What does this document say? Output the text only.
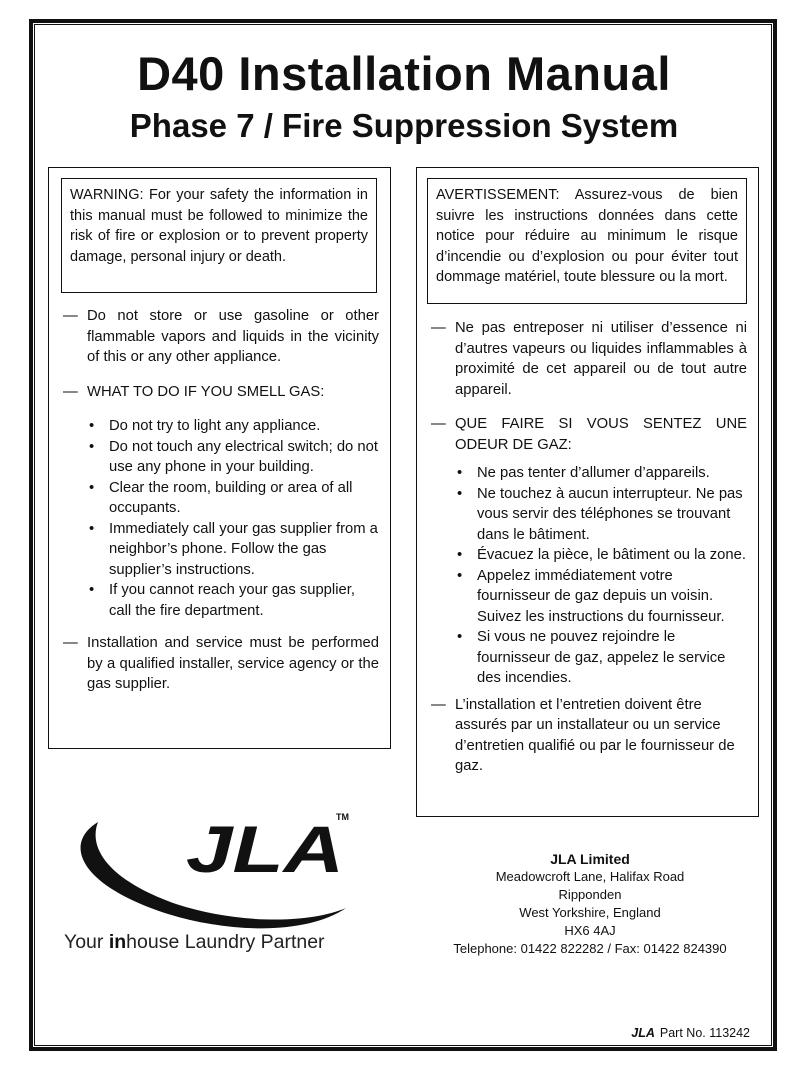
D40 Installation Manual
Phase 7 / Fire Suppression System
WARNING: For your safety the information in this manual must be followed to minimize the risk of fire or explosion or to prevent property damage, personal injury or death.

— Do not store or use gasoline or other flammable vapors and liquids in the vicinity of this or any other appliance.

— WHAT TO DO IF YOU SMELL GAS:

• Do not try to light any appliance.
• Do not touch any electrical switch; do not use any phone in your building.
• Clear the room, building or area of all occupants.
• Immediately call your gas supplier from a neighbor’s phone. Follow the gas supplier’s instructions.
• If you cannot reach your gas supplier, call the fire department.

— Installation and service must be performed by a qualified installer, service agency or the gas supplier.

AVERTISSEMENT: Assurez-vous de bien suivre les instructions données dans cette notice pour réduire au minimum le risque d’incendie ou d’explosion ou pour éviter tout dommage matériel, toute blessure ou la mort.

— Ne pas entreposer ni utiliser d’essence ni d’autres vapeurs ou liquides inflammables à proximité de cet appareil ou de tout autre appareil.

— QUE FAIRE SI VOUS SENTEZ UNE ODEUR DE GAZ:

• Ne pas tenter d’allumer d’appareils.
• Ne touchez à aucun interrupteur. Ne pas vous servir des téléphones se trouvant dans le bâtiment.
• Évacuez la pièce, le bâtiment ou la zone.
• Appelez immédiatement votre fournisseur de gaz depuis un voisin. Suivez les instructions du fournisseur.
• Si vous ne pouvez rejoindre le fournisseur de gaz, appelez le service des incendies.

— L’installation et l’entretien doivent être assurés par un installateur ou un service d’entretien qualifié ou par le fournisseur de gaz.

JLA
TM
Your inhouse Laundry Partner
JLA Limited
Meadowcroft Lane, Halifax Road
Ripponden
West Yorkshire, England
HX6 4AJ
Telephone: 01422 822282 / Fax: 01422 824390
JLA Part No. 113242
